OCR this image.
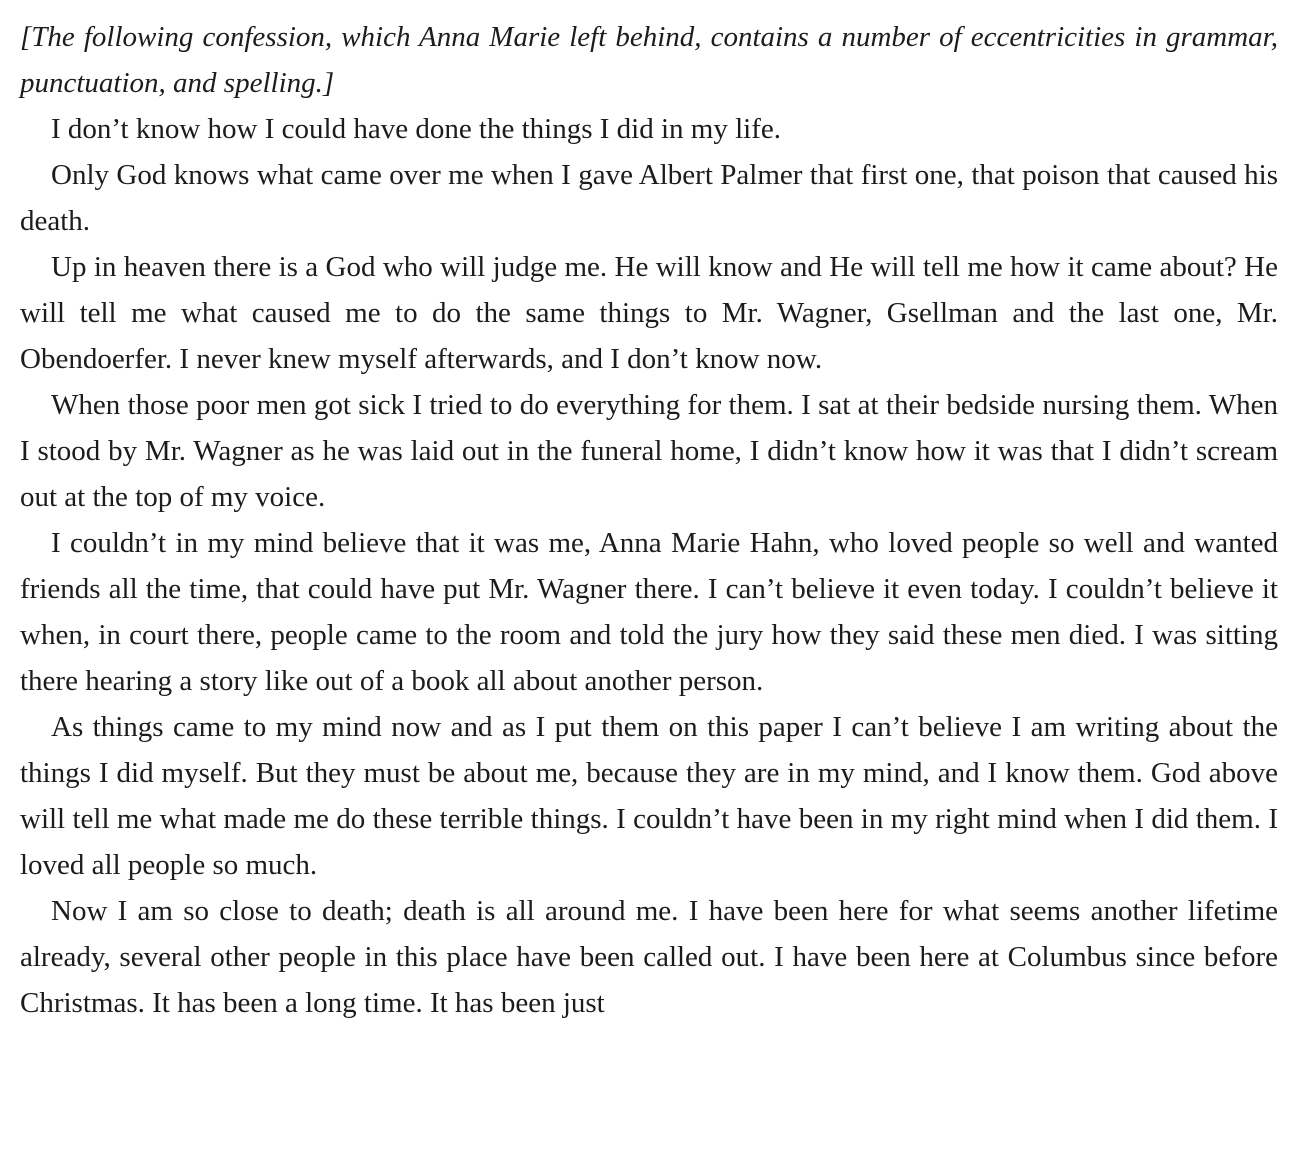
[The following confession, which Anna Marie left behind, contains a number of eccentricities in grammar, punctuation, and spelling.]

I don’t know how I could have done the things I did in my life.

Only God knows what came over me when I gave Albert Palmer that first one, that poison that caused his death.

Up in heaven there is a God who will judge me. He will know and He will tell me how it came about? He will tell me what caused me to do the same things to Mr. Wagner, Gsellman and the last one, Mr. Obendoerfer. I never knew myself afterwards, and I don’t know now.

When those poor men got sick I tried to do everything for them. I sat at their bedside nursing them. When I stood by Mr. Wagner as he was laid out in the funeral home, I didn’t know how it was that I didn’t scream out at the top of my voice.

I couldn’t in my mind believe that it was me, Anna Marie Hahn, who loved people so well and wanted friends all the time, that could have put Mr. Wagner there. I can’t believe it even today. I couldn’t believe it when, in court there, people came to the room and told the jury how they said these men died. I was sitting there hearing a story like out of a book all about another person.

As things came to my mind now and as I put them on this paper I can’t believe I am writing about the things I did myself. But they must be about me, because they are in my mind, and I know them. God above will tell me what made me do these terrible things. I couldn’t have been in my right mind when I did them. I loved all people so much.

Now I am so close to death; death is all around me. I have been here for what seems another lifetime already, several other people in this place have been called out. I have been here at Columbus since before Christmas. It has been a long time. It has been just
